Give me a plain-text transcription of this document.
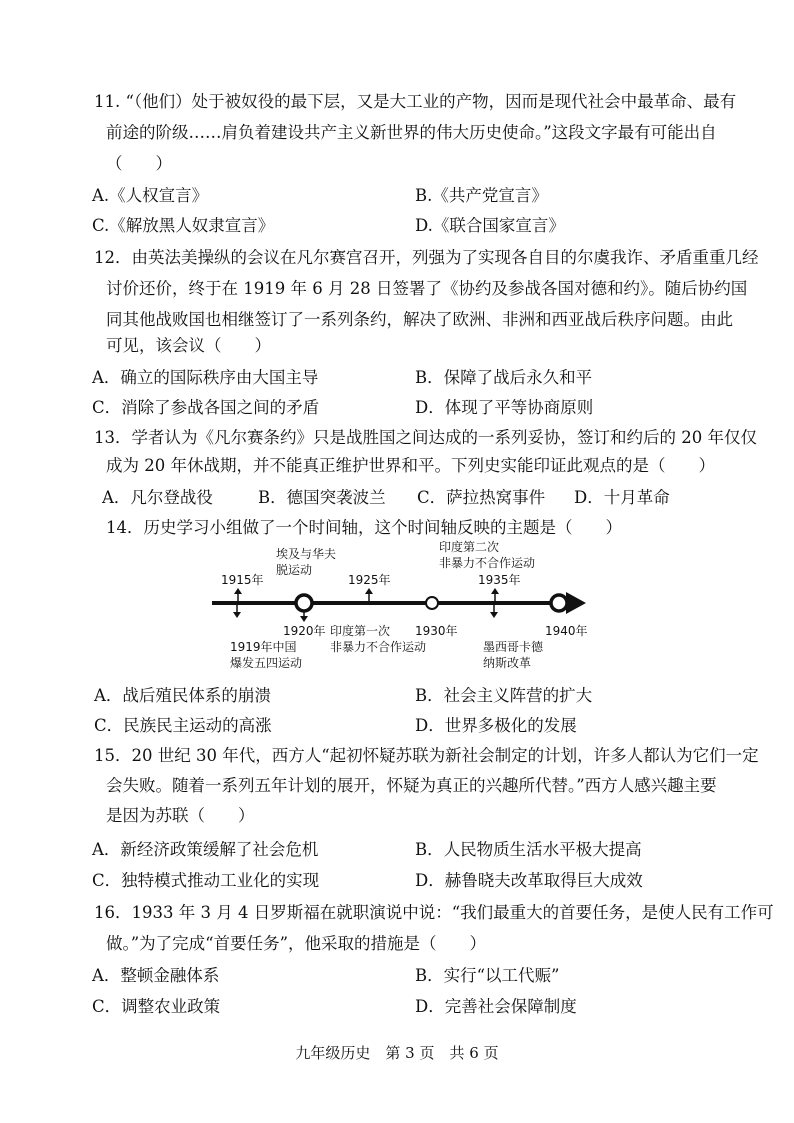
11. “（他们）处于被奴役的最下层，又是大工业的产物，因而是现代社会中最革命、最有
前途的阶级……肩负着建设共产主义新世界的伟大历史使命。”这段文字最有可能出自
（　　）
A.《人权宣言》	B.《共产党宣言》
C.《解放黑人奴隶宣言》	D.《联合国家宣言》
12．由英法美操纵的会议在凡尔赛宫召开，列强为了实现各自目的尔虞我诈、矛盾重重几经
讨价还价，终于在 1919 年 6 月 28 日签署了《协约及参战各国对德和约》。随后协约国
同其他战败国也相继签订了一系列条约，解决了欧洲、非洲和西亚战后秩序问题。由此
可见，该会议（　　）
A．确立的国际秩序由大国主导	B．保障了战后永久和平
C．消除了参战各国之间的矛盾	D．体现了平等协商原则
13．学者认为《凡尔赛条约》只是战胜国之间达成的一系列妥协，签订和约后的 20 年仅仅
成为 20 年休战期，并不能真正维护世界和平。下列史实能印证此观点的是（　　）
A．凡尔登战役	B．德国突袭波兰 C．萨拉热窝事件 D．十月革命
14．历史学习小组做了一个时间轴，这个时间轴反映的主题是（　　）
1915年
埃及与华夫
脱运动
1925年
印度第二次
非暴力不合作运动
1935年
1920年 印度第一次
非暴力不合作运动
1930年	1940年
1919年中国
爆发五四运动
墨西哥卡德
纳斯改革
A．战后殖民体系的崩溃	B．社会主义阵营的扩大
C．民族民主运动的高涨	D．世界多极化的发展
15．20 世纪 30 年代，西方人“起初怀疑苏联为新社会制定的计划，许多人都认为它们一定
会失败。随着一系列五年计划的展开，怀疑为真正的兴趣所代替。”西方人感兴趣主要
是因为苏联（　　）
A．新经济政策缓解了社会危机	B．人民物质生活水平极大提高
C．独特模式推动工业化的实现	D．赫鲁晓夫改革取得巨大成效
16．1933 年 3 月 4 日罗斯福在就职演说中说：“我们最重大的首要任务，是使人民有工作可
做。”为了完成“首要任务”，他采取的措施是（　　）
A．整顿金融体系	B．实行“以工代赈”
C．调整农业政策	D．完善社会保障制度
九年级历史　第 3 页　共 6 页
